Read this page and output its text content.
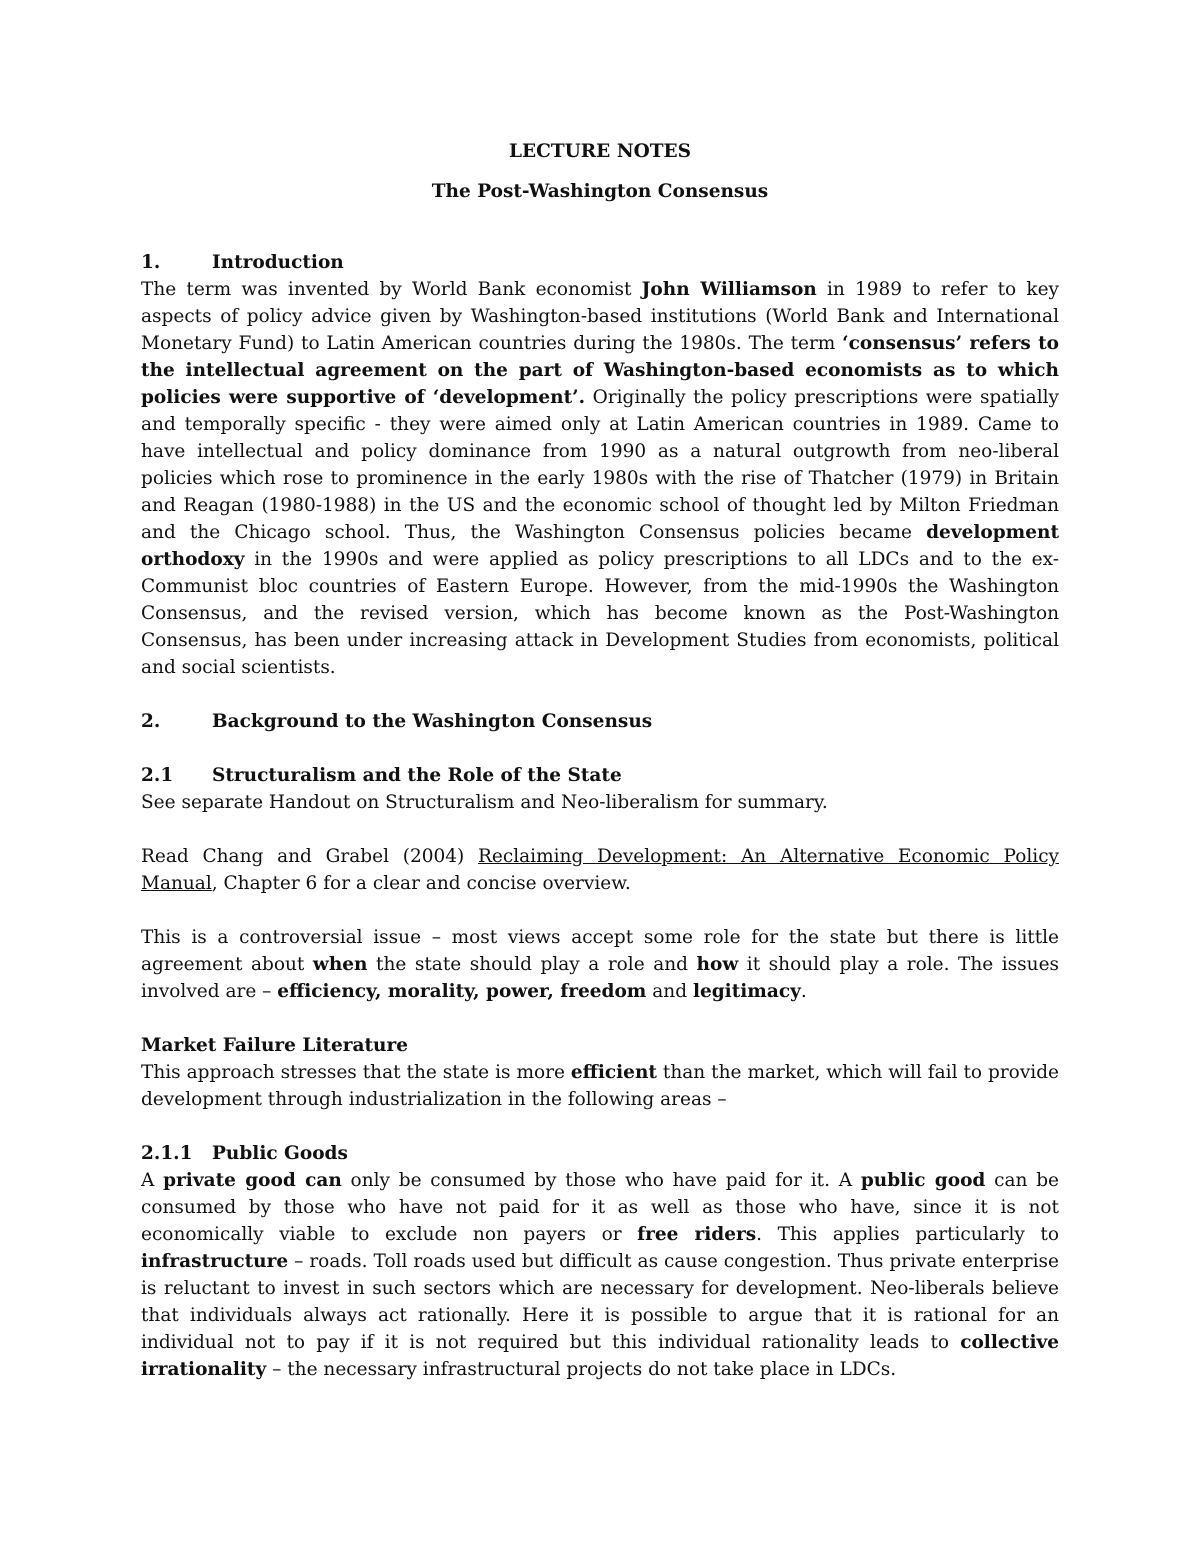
LECTURE NOTES
The Post-Washington Consensus
1.	Introduction

The term was invented by World Bank economist John Williamson in 1989 to refer to key aspects of policy advice given by Washington-based institutions (World Bank and International Monetary Fund) to Latin American countries during the 1980s. The term ‘consensus’ refers to the intellectual agreement on the part of Washington-based economists as to which policies were supportive of ‘development’. Originally the policy prescriptions were spatially and temporally specific - they were aimed only at Latin American countries in 1989. Came to have intellectual and policy dominance from 1990 as a natural outgrowth from neo-liberal policies which rose to prominence in the early 1980s with the rise of Thatcher (1979) in Britain and Reagan (1980-1988) in the US and the economic school of thought led by Milton Friedman and the Chicago school. Thus, the Washington Consensus policies became development orthodoxy in the 1990s and were applied as policy prescriptions to all LDCs and to the ex-Communist bloc countries of Eastern Europe. However, from the mid-1990s the Washington Consensus, and the revised version, which has become known as the Post-Washington Consensus, has been under increasing attack in Development Studies from economists, political and social scientists.

2.	Background to the Washington Consensus
2.1	Structuralism and the Role of the State

See separate Handout on Structuralism and Neo-liberalism for summary.

Read Chang and Grabel (2004) Reclaiming Development: An Alternative Economic Policy Manual, Chapter 6 for a clear and concise overview.

This is a controversial issue – most views accept some role for the state but there is little agreement about when the state should play a role and how it should play a role. The issues involved are – efficiency, morality, power, freedom and legitimacy.

Market Failure Literature

This approach stresses that the state is more efficient than the market, which will fail to provide development through industrialization in the following areas –

2.1.1	Public Goods

A private good can only be consumed by those who have paid for it. A public good can be consumed by those who have not paid for it as well as those who have, since it is not economically viable to exclude non payers or free riders. This applies particularly to infrastructure – roads. Toll roads used but difficult as cause congestion. Thus private enterprise is reluctant to invest in such sectors which are necessary for development. Neo-liberals believe that individuals always act rationally. Here it is possible to argue that it is rational for an individual not to pay if it is not required but this individual rationality leads to collective irrationality – the necessary infrastructural projects do not take place in LDCs.
